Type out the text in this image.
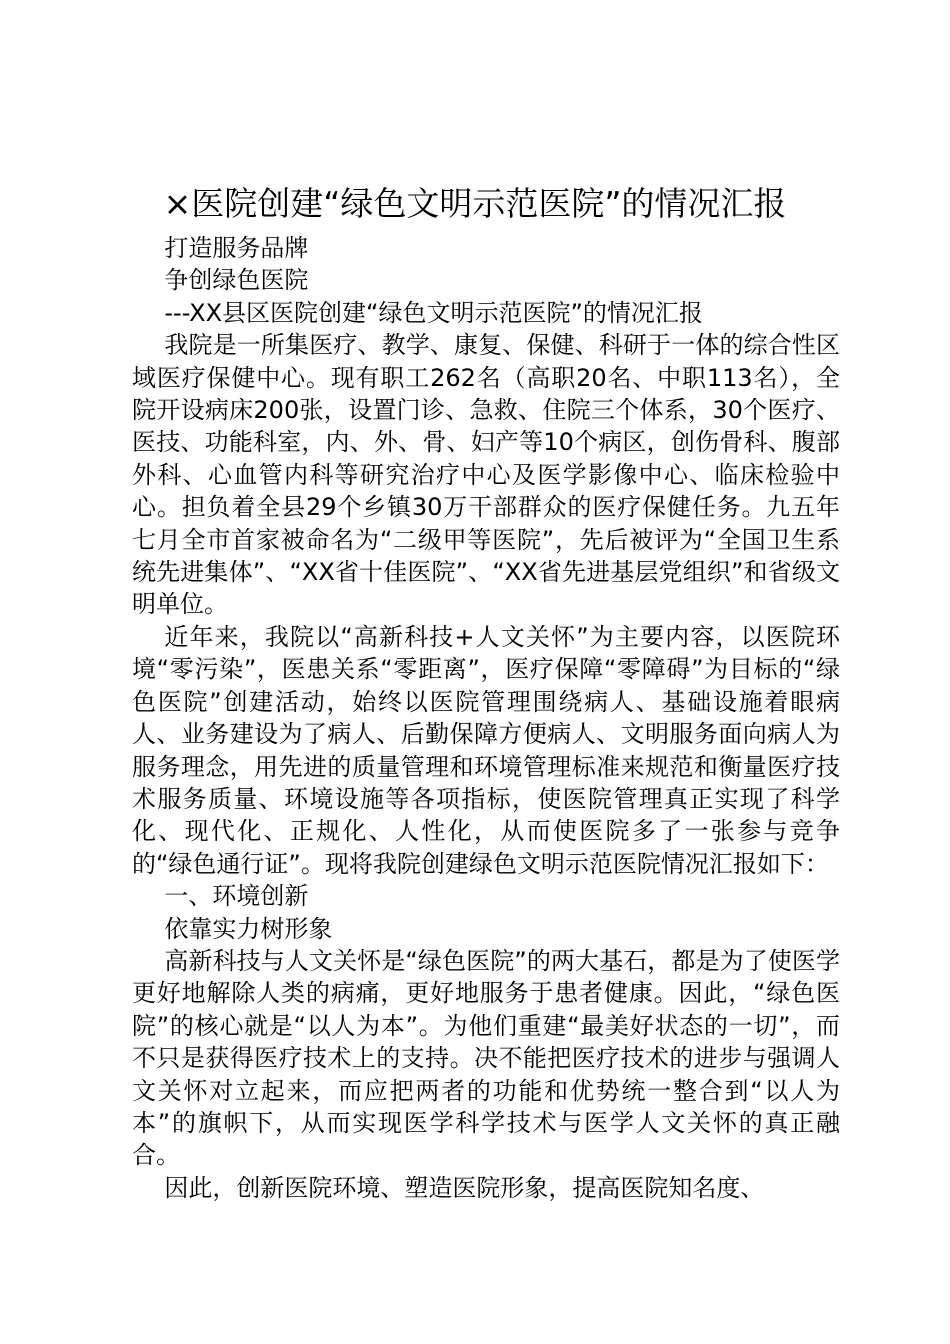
×医院创建“绿色文明示范医院”的情况汇报

打造服务品牌

争创绿色医院

---XX县区医院创建“绿色文明示范医院”的情况汇报

我院是一所集医疗、教学、康复、保健、科研于一体的综合性区域医疗保健中心。现有职工262名（高职20名、中职113名），全院开设病床200张，设置门诊、急救、住院三个体系，30个医疗、医技、功能科室，内、外、骨、妇产等10个病区，创伤骨科、腹部外科、心血管内科等研究治疗中心及医学影像中心、临床检验中心。担负着全县29个乡镇30万干部群众的医疗保健任务。九五年七月全市首家被命名为“二级甲等医院”，先后被评为“全国卫生系统先进集体”、“XX省十佳医院”、“XX省先进基层党组织”和省级文明单位。

近年来，我院以“高新科技+人文关怀”为主要内容，以医院环境“零污染”，医患关系“零距离”，医疗保障“零障碍”为目标的“绿色医院”创建活动，始终以医院管理围绕病人、基础设施着眼病人、业务建设为了病人、后勤保障方便病人、文明服务面向病人为服务理念，用先进的质量管理和环境管理标准来规范和衡量医疗技术服务质量、环境设施等各项指标，使医院管理真正实现了科学化、现代化、正规化、人性化，从而使医院多了一张参与竞争的“绿色通行证”。现将我院创建绿色文明示范医院情况汇报如下：

一、环境创新

依靠实力树形象

高新科技与人文关怀是“绿色医院”的两大基石，都是为了使医学更好地解除人类的病痛，更好地服务于患者健康。因此，“绿色医院”的核心就是“以人为本”。为他们重建“最美好状态的一切”，而不只是获得医疗技术上的支持。决不能把医疗技术的进步与强调人文关怀对立起来，而应把两者的功能和优势统一整合到“以人为本”的旗帜下，从而实现医学科学技术与医学人文关怀的真正融合。

因此，创新医院环境、塑造医院形象，提高医院知名度、
